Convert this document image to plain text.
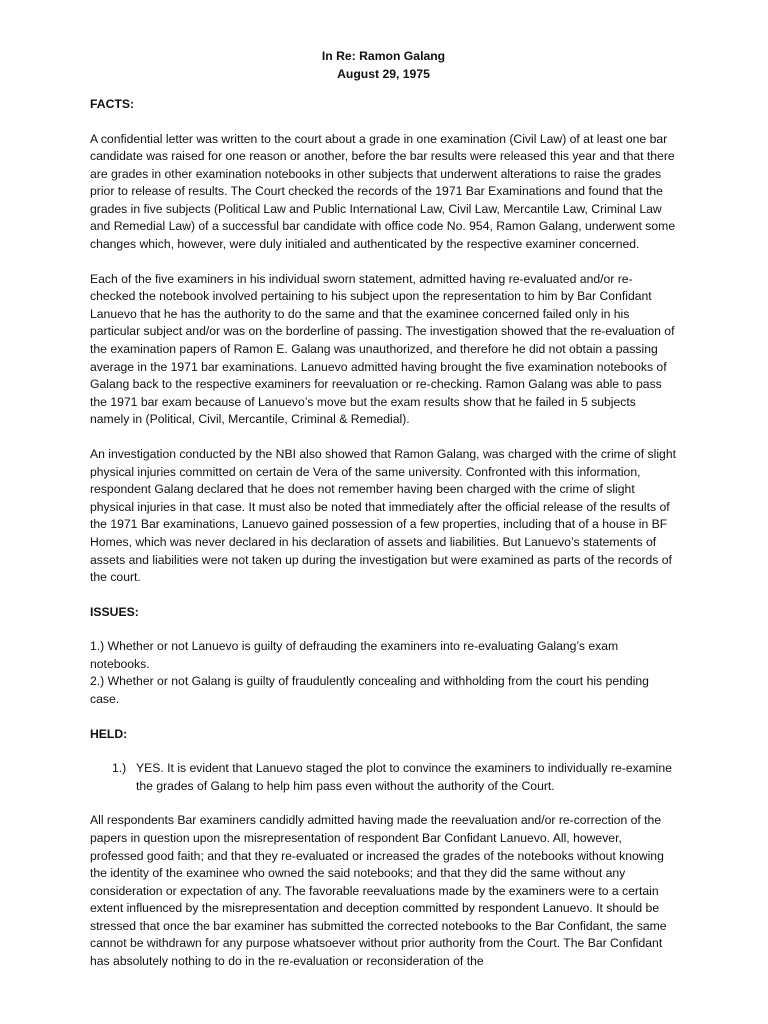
In Re: Ramon Galang
August 29, 1975
FACTS:

A confidential letter was written to the court about a grade in one examination (Civil Law) of at least one bar candidate was raised for one reason or another, before the bar results were released this year and that there are grades in other examination notebooks in other subjects that underwent alterations to raise the grades prior to release of results. The Court checked the records of the 1971 Bar Examinations and found that the grades in five subjects (Political Law and Public International Law, Civil Law, Mercantile Law, Criminal Law and Remedial Law) of a successful bar candidate with office code No. 954, Ramon Galang, underwent some changes which, however, were duly initialed and authenticated by the respective examiner concerned.

Each of the five examiners in his individual sworn statement, admitted having re-evaluated and/or re-checked the notebook involved pertaining to his subject upon the representation to him by Bar Confidant Lanuevo that he has the authority to do the same and that the examinee concerned failed only in his particular subject and/or was on the borderline of passing. The investigation showed that the re-evaluation of the examination papers of Ramon E. Galang was unauthorized, and therefore he did not obtain a passing average in the 1971 bar examinations. Lanuevo admitted having brought the five examination notebooks of Galang back to the respective examiners for reevaluation or re-checking. Ramon Galang was able to pass the 1971 bar exam because of Lanuevo’s move but the exam results show that he failed in 5 subjects namely in (Political, Civil, Mercantile, Criminal & Remedial).

An investigation conducted by the NBI also showed that Ramon Galang, was charged with the crime of slight physical injuries committed on certain de Vera of the same university. Confronted with this information, respondent Galang declared that he does not remember having been charged with the crime of slight physical injuries in that case. It must also be noted that immediately after the official release of the results of the 1971 Bar examinations, Lanuevo gained possession of a few properties, including that of a house in BF Homes, which was never declared in his declaration of assets and liabilities. But Lanuevo’s statements of assets and liabilities were not taken up during the investigation but were examined as parts of the records of the court.

ISSUES:
1.) Whether or not Lanuevo is guilty of defrauding the examiners into re-evaluating Galang’s exam notebooks.
2.) Whether or not Galang is guilty of fraudulently concealing and withholding from the court his pending case.
HELD:
1.) YES. It is evident that Lanuevo staged the plot to convince the examiners to individually re-examine the grades of Galang to help him pass even without the authority of the Court.

All respondents Bar examiners candidly admitted having made the reevaluation and/or re-correction of the papers in question upon the misrepresentation of respondent Bar Confidant Lanuevo. All, however, professed good faith; and that they re-evaluated or increased the grades of the notebooks without knowing the identity of the examinee who owned the said notebooks; and that they did the same without any consideration or expectation of any. The favorable reevaluations made by the examiners were to a certain extent influenced by the misrepresentation and deception committed by respondent Lanuevo. It should be stressed that once the bar examiner has submitted the corrected notebooks to the Bar Confidant, the same cannot be withdrawn for any purpose whatsoever without prior authority from the Court. The Bar Confidant has absolutely nothing to do in the re-evaluation or reconsideration of the
